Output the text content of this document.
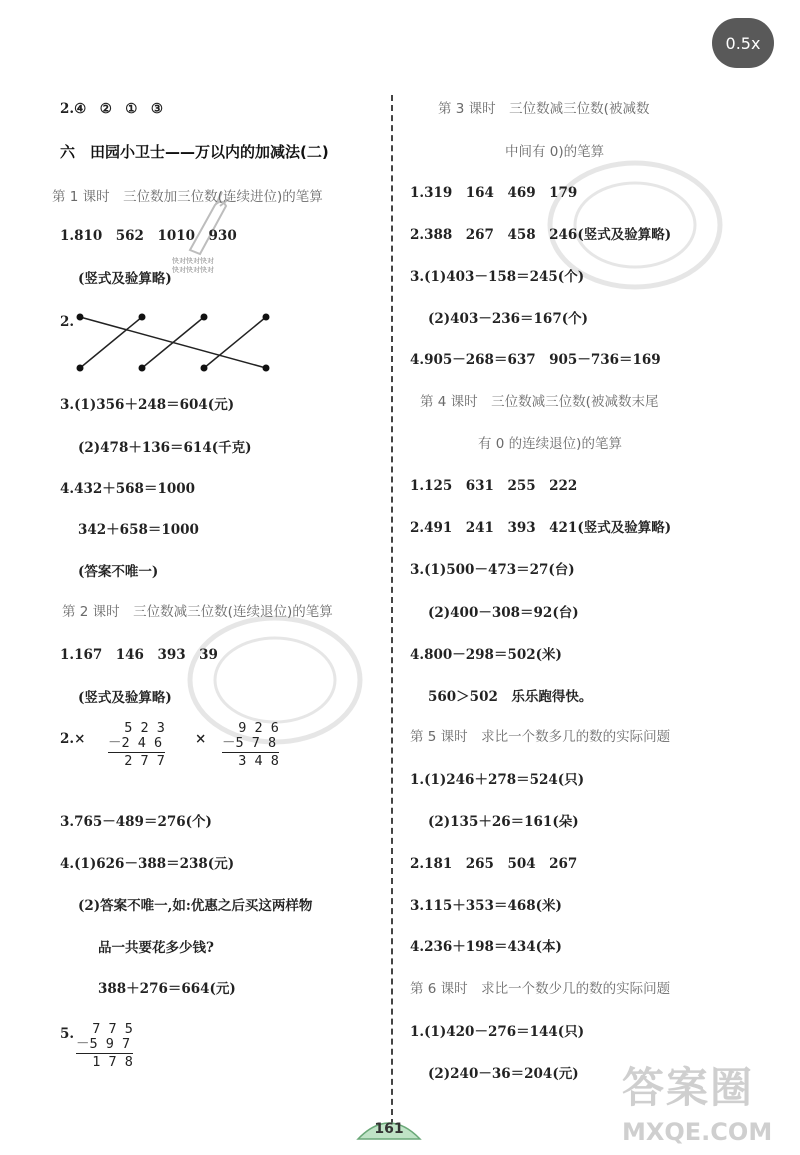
0.5x
快对快对快对
快对快对快对
2.④　②　①　③
六　田园小卫士——万以内的加减法(二)
第 1 课时　三位数加三位数(连续进位)的笔算
1.810　562　1010　930
(竖式及验算略)
2.
3.(1)356＋248＝604(元)
(2)478＋136＝614(千克)
4.432＋568＝1000
342＋658＝1000
(答案不唯一)
第 2 课时　三位数减三位数(连续退位)的笔算
1.167　146　393　39
(竖式及验算略)
2.×
5 2 3
－2 4 6
2 7 7
×
9 2 6
－5 7 8
3 4 8
3.765－489＝276(个)
4.(1)626－388＝238(元)
(2)答案不唯一,如:优惠之后买这两样物
品一共要花多少钱?
388＋276＝664(元)
5. 7 7 5
－5 9 7
1 7 8
第 3 课时　三位数减三位数(被减数
中间有 0)的笔算
1.319　164　469　179
2.388　267　458　246(竖式及验算略)
3.(1)403－158＝245(个)
(2)403－236＝167(个)
4.905－268＝637　905－736＝169
第 4 课时　三位数减三位数(被减数末尾
有 0 的连续退位)的笔算
1.125　631　255　222
2.491　241　393　421(竖式及验算略)
3.(1)500－473＝27(台)
(2)400－308＝92(台)
4.800－298＝502(米)
560＞502　乐乐跑得快。
第 5 课时　求比一个数多几的数的实际问题
1.(1)246＋278＝524(只)
(2)135＋26＝161(朵)
2.181　265　504　267
3.115＋353＝468(米)
4.236＋198＝434(本)
第 6 课时　求比一个数少几的数的实际问题
1.(1)420－276＝144(只)
(2)240－36＝204(元)
161
答案圈
MXQE.COM
